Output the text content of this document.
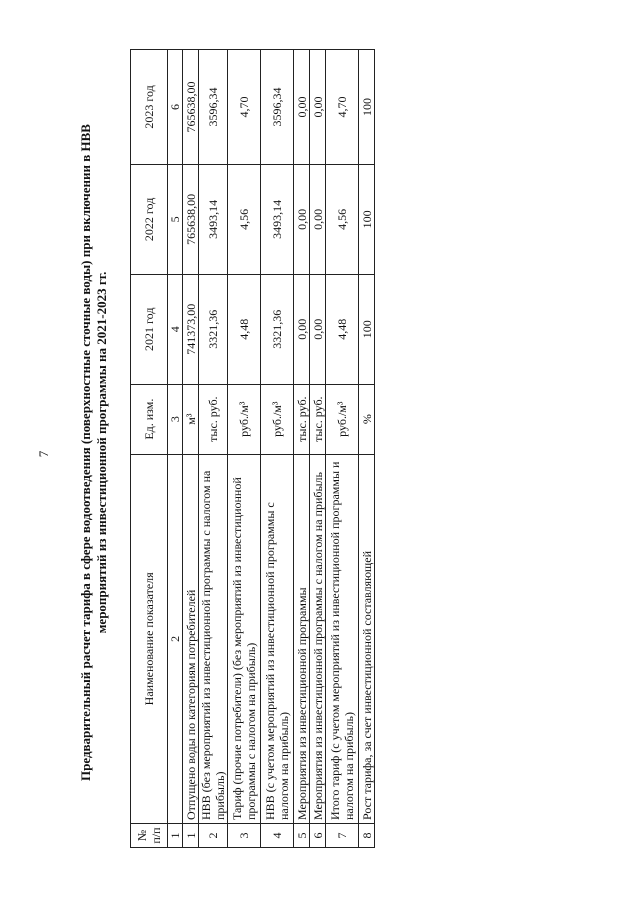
7 Предварительный расчет тарифа в сфере водоотведения (поверхностные сточные воды) при включении в НВВ мероприятий из инвестиционной программы на 2021-2023 гг.
№ п/п	Наименование показателя	Ед. изм.	2021 год	2022 год	2023 год
1	2	3	4	5	6
1	Отпущено воды по категориям потребителей	м³	741373,00	765638,00	765638,00
2	НВВ (без мероприятий из инвестиционной программы с налогом на прибыль)	тыс. руб.	3321,36	3493,14	3596,34
3	Тариф (прочие потребители) (без мероприятий из инвестиционной программы с налогом на прибыль)	руб./м³	4,48	4,56	4,70
4	НВВ (с учетом мероприятий из инвестиционной программы с налогом на прибыль)	руб./м³	3321,36	3493,14	3596,34
5	Мероприятия из инвестиционной программы	тыс. руб.	0,00	0,00	0,00
6	Мероприятия из инвестиционной программы с налогом на прибыль	тыс. руб.	0,00	0,00	0,00
7	Итого тариф (с учетом мероприятий из инвестиционной программы и налогом на прибыль)	руб./м³	4,48	4,56	4,70
8	Рост тарифа, за счет инвестиционной составляющей	%	100	100	100
